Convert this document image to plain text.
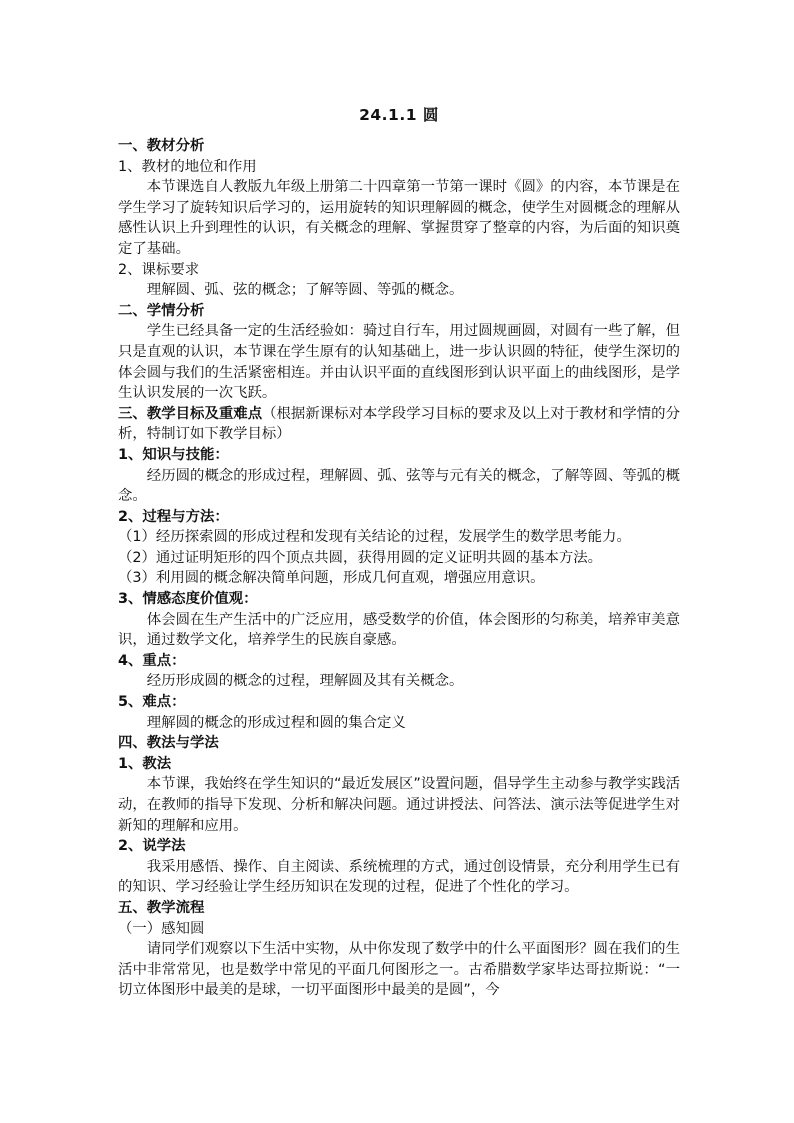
24.1.1 圆
一、教材分析
1、教材的地位和作用
本节课选自人教版九年级上册第二十四章第一节第一课时《圆》的内容，本节课是在学生学习了旋转知识后学习的，运用旋转的知识理解圆的概念，使学生对圆概念的理解从感性认识上升到理性的认识，有关概念的理解、掌握贯穿了整章的内容，为后面的知识奠定了基础。
2、课标要求
理解圆、弧、弦的概念；了解等圆、等弧的概念。
二、学情分析
学生已经具备一定的生活经验如：骑过自行车，用过圆规画圆，对圆有一些了解，但只是直观的认识，本节课在学生原有的认知基础上，进一步认识圆的特征，使学生深切的体会圆与我们的生活紧密相连。并由认识平面的直线图形到认识平面上的曲线图形，是学生认识发展的一次飞跃。
三、教学目标及重难点（根据新课标对本学段学习目标的要求及以上对于教材和学情的分析，特制订如下教学目标）
1、知识与技能：
经历圆的概念的形成过程，理解圆、弧、弦等与元有关的概念，了解等圆、等弧的概念。
2、过程与方法：
（1）经历探索圆的形成过程和发现有关结论的过程，发展学生的数学思考能力。
（2）通过证明矩形的四个顶点共圆，获得用圆的定义证明共圆的基本方法。
（3）利用圆的概念解决简单问题，形成几何直观，增强应用意识。
3、情感态度价值观：
体会圆在生产生活中的广泛应用，感受数学的价值，体会图形的匀称美，培养审美意识，通过数学文化，培养学生的民族自豪感。
4、重点：
经历形成圆的概念的过程，理解圆及其有关概念。
5、难点：
理解圆的概念的形成过程和圆的集合定义
四、教法与学法
1、教法
本节课，我始终在学生知识的“最近发展区”设置问题，倡导学生主动参与教学实践活动，在教师的指导下发现、分析和解决问题。通过讲授法、问答法、演示法等促进学生对新知的理解和应用。
2、说学法
我采用感悟、操作、自主阅读、系统梳理的方式，通过创设情景，充分利用学生已有的知识、学习经验让学生经历知识在发现的过程，促进了个性化的学习。
五、教学流程
（一）感知圆
请同学们观察以下生活中实物，从中你发现了数学中的什么平面图形？圆在我们的生活中非常常见，也是数学中常见的平面几何图形之一。古希腊数学家毕达哥拉斯说：“一切立体图形中最美的是球，一切平面图形中最美的是圆”，今
